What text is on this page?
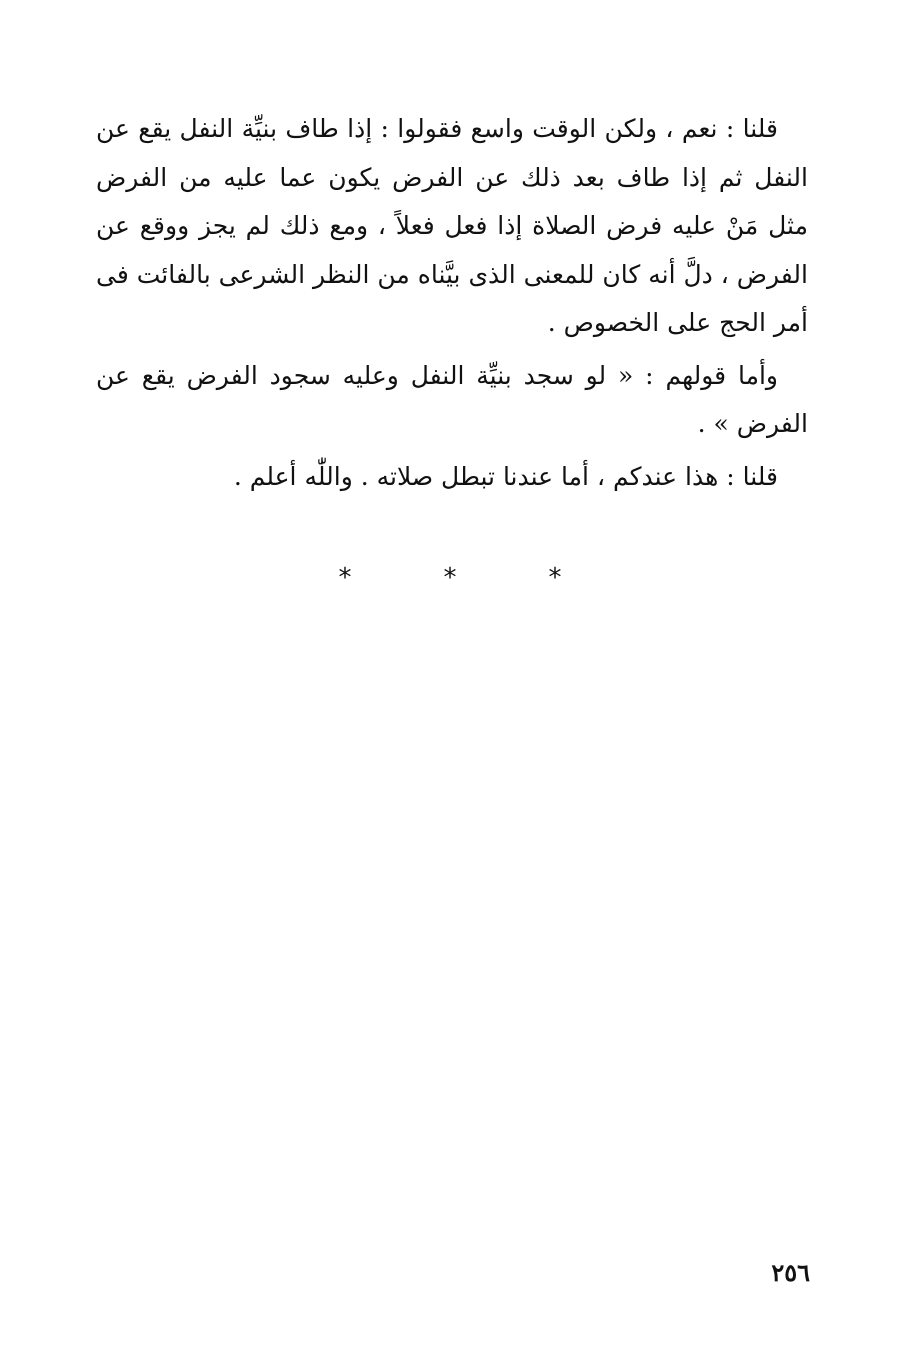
قلنا : نعم ، ولكن الوقت واسع فقولوا : إذا طاف بنيِّة النفل يقع عن النفل ثم إذا طاف بعد ذلك عن الفرض يكون عما عليه من الفرض مثل مَنْ عليه فرض الصلاة إذا فعل فعلاً ، ومع ذلك لم يجز ووقع عن الفرض ، دلَّ أنه كان للمعنى الذى بيَّناه من النظر الشرعى بالفائت فى أمر الحج على الخصوص .

وأما قولهم : « لو سجد بنيِّة النفل وعليه سجود الفرض يقع عن الفرض » .

قلنا : هذا عندكم ، أما عندنا تبطل صلاته . واللّٰه أعلم .

*	*	*
٢٥٦
